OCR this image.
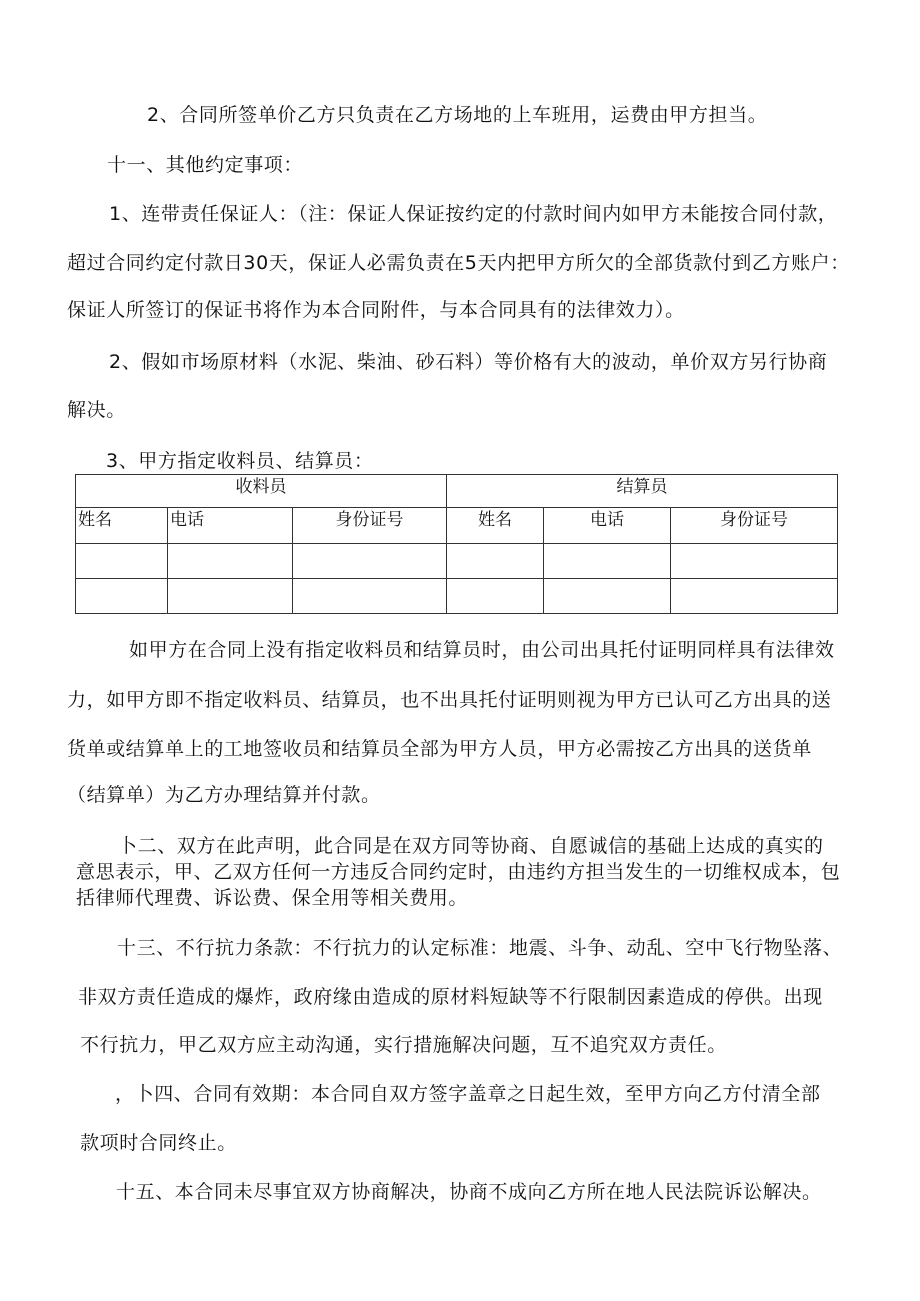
2、合同所签单价乙方只负责在乙方场地的上车班用，运费由甲方担当。

十一、其他约定事项：

1、连带责任保证人：（注：保证人保证按约定的付款时间内如甲方未能按合同付款，

超过合同约定付款日30天，保证人必需负责在5天内把甲方所欠的全部货款付到乙方账户：

保证人所签订的保证书将作为本合同附件，与本合同具有的法律效力）。

2、假如市场原材料（水泥、柴油、砂石料）等价格有大的波动，单价双方另行协商

解决。

3、甲方指定收料员、结算员：

收料员			结算员		
姓名	电话	身份证号	姓名	电话	身份证号

如甲方在合同上没有指定收料员和结算员时，由公司出具托付证明同样具有法律效

力，如甲方即不指定收料员、结算员，也不出具托付证明则视为甲方已认可乙方出具的送

货单或结算单上的工地签收员和结算员全部为甲方人员，甲方必需按乙方出具的送货单

（结算单）为乙方办理结算并付款。

卜二、双方在此声明，此合同是在双方同等协商、自愿诚信的基础上达成的真实的

意思表示，甲、乙双方任何一方违反合同约定时，由违约方担当发生的一切维权成本，包

括律师代理费、诉讼费、保全用等相关费用。

十三、不行抗力条款：不行抗力的认定标准：地震、斗争、动乱、空中飞行物坠落、

非双方责任造成的爆炸，政府缘由造成的原材料短缺等不行限制因素造成的停供。出现

不行抗力，甲乙双方应主动沟通，实行措施解决问题，互不追究双方责任。

，卜四、合同有效期：本合同自双方签字盖章之日起生效，至甲方向乙方付清全部

款项时合同终止。

十五、本合同未尽事宜双方协商解决，协商不成向乙方所在地人民法院诉讼解决。
